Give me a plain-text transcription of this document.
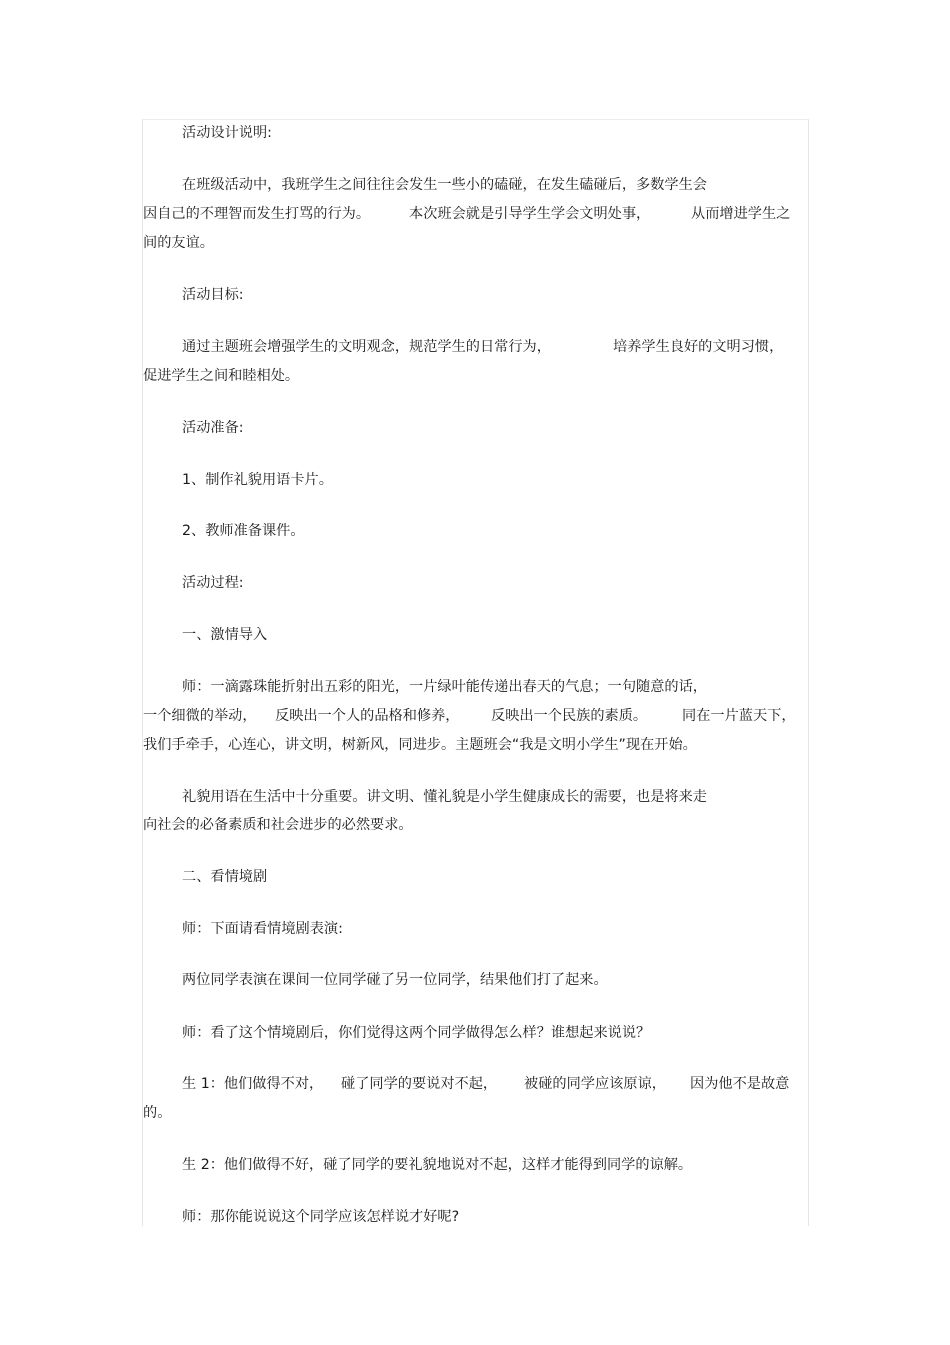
活动设计说明:
在班级活动中，我班学生之间往往会发生一些小的磕碰，在发生磕碰后，多数学生会
因自己的不理智而发生打骂的行为。	本次班会就是引导学生学会文明处事，	从而增进学生之
间的友谊。
活动目标:
通过主题班会增强学生的文明观念，规范学生的日常行为，	培养学生良好的文明习惯，
促进学生之间和睦相处。
活动准备:
1、制作礼貌用语卡片。
2、教师准备课件。
活动过程:
一、激情导入
师：一滴露珠能折射出五彩的阳光，一片绿叶能传递出春天的气息；一句随意的话，
一个细微的举动， 反映出一个人的品格和修养， 反映出一个民族的素质。 同在一片蓝天下，
我们手牵手，心连心，讲文明，树新风，同进步。主题班会“我是文明小学生”现在开始。
礼貌用语在生活中十分重要。讲文明、懂礼貌是小学生健康成长的需要，也是将来走
向社会的必备素质和社会进步的必然要求。
二、看情境剧
师：下面请看情境剧表演:
两位同学表演在课间一位同学碰了另一位同学，结果他们打了起来。
师：看了这个情境剧后，你们觉得这两个同学做得怎么样？谁想起来说说？
生 1：他们做得不对， 碰了同学的要说对不起， 被碰的同学应该原谅， 因为他不是故意
的。
生 2：他们做得不好，碰了同学的要礼貌地说对不起，这样才能得到同学的谅解。
师：那你能说说这个同学应该怎样说才好呢?
